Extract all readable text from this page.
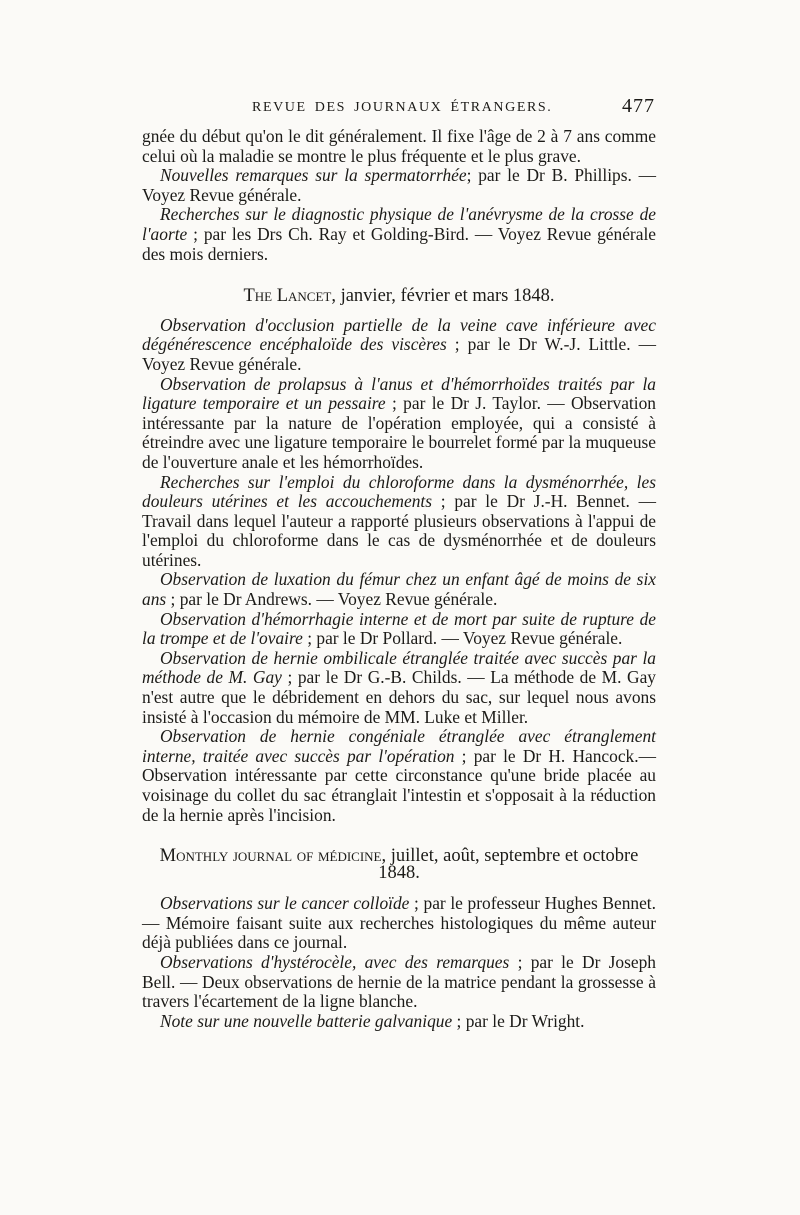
REVUE DES JOURNAUX ÉTRANGERS.	477

gnée du début qu'on le dit généralement. Il fixe l'âge de 2 à 7 ans comme celui où la maladie se montre le plus fréquente et le plus grave.

Nouvelles remarques sur la spermatorrhée; par le Dr B. Phillips. — Voyez Revue générale.

Recherches sur le diagnostic physique de l'anévrysme de la crosse de l'aorte ; par les Drs Ch. Ray et Golding-Bird. — Voyez Revue générale des mois derniers.

The Lancet, janvier, février et mars 1848.

Observation d'occlusion partielle de la veine cave inférieure avec dégénérescence encéphaloïde des viscères ; par le Dr W.-J. Little. — Voyez Revue générale.

Observation de prolapsus à l'anus et d'hémorrhoïdes traités par la ligature temporaire et un pessaire ; par le Dr J. Taylor. — Observation intéressante par la nature de l'opération employée, qui a consisté à étreindre avec une ligature temporaire le bourrelet formé par la muqueuse de l'ouverture anale et les hémorrhoïdes.

Recherches sur l'emploi du chloroforme dans la dysménorrhée, les douleurs utérines et les accouchements ; par le Dr J.-H. Bennet. — Travail dans lequel l'auteur a rapporté plusieurs observations à l'appui de l'emploi du chloroforme dans le cas de dysménorrhée et de douleurs utérines.

Observation de luxation du fémur chez un enfant âgé de moins de six ans ; par le Dr Andrews. — Voyez Revue générale.

Observation d'hémorrhagie interne et de mort par suite de rupture de la trompe et de l'ovaire ; par le Dr Pollard. — Voyez Revue générale.

Observation de hernie ombilicale étranglée traitée avec succès par la méthode de M. Gay ; par le Dr G.-B. Childs. — La méthode de M. Gay n'est autre que le débridement en dehors du sac, sur lequel nous avons insisté à l'occasion du mémoire de MM. Luke et Miller.

Observation de hernie congéniale étranglée avec étranglement interne, traitée avec succès par l'opération ; par le Dr H. Hancock.—Observation intéressante par cette circonstance qu'une bride placée au voisinage du collet du sac étranglait l'intestin et s'opposait à la réduction de la hernie après l'incision.

Monthly journal of médicine, juillet, août, septembre et octobre 1848.

Observations sur le cancer colloïde ; par le professeur Hughes Bennet. — Mémoire faisant suite aux recherches histologiques du même auteur déjà publiées dans ce journal.

Observations d'hystérocèle, avec des remarques ; par le Dr Joseph Bell. — Deux observations de hernie de la matrice pendant la grossesse à travers l'écartement de la ligne blanche.

Note sur une nouvelle batterie galvanique ; par le Dr Wright.
